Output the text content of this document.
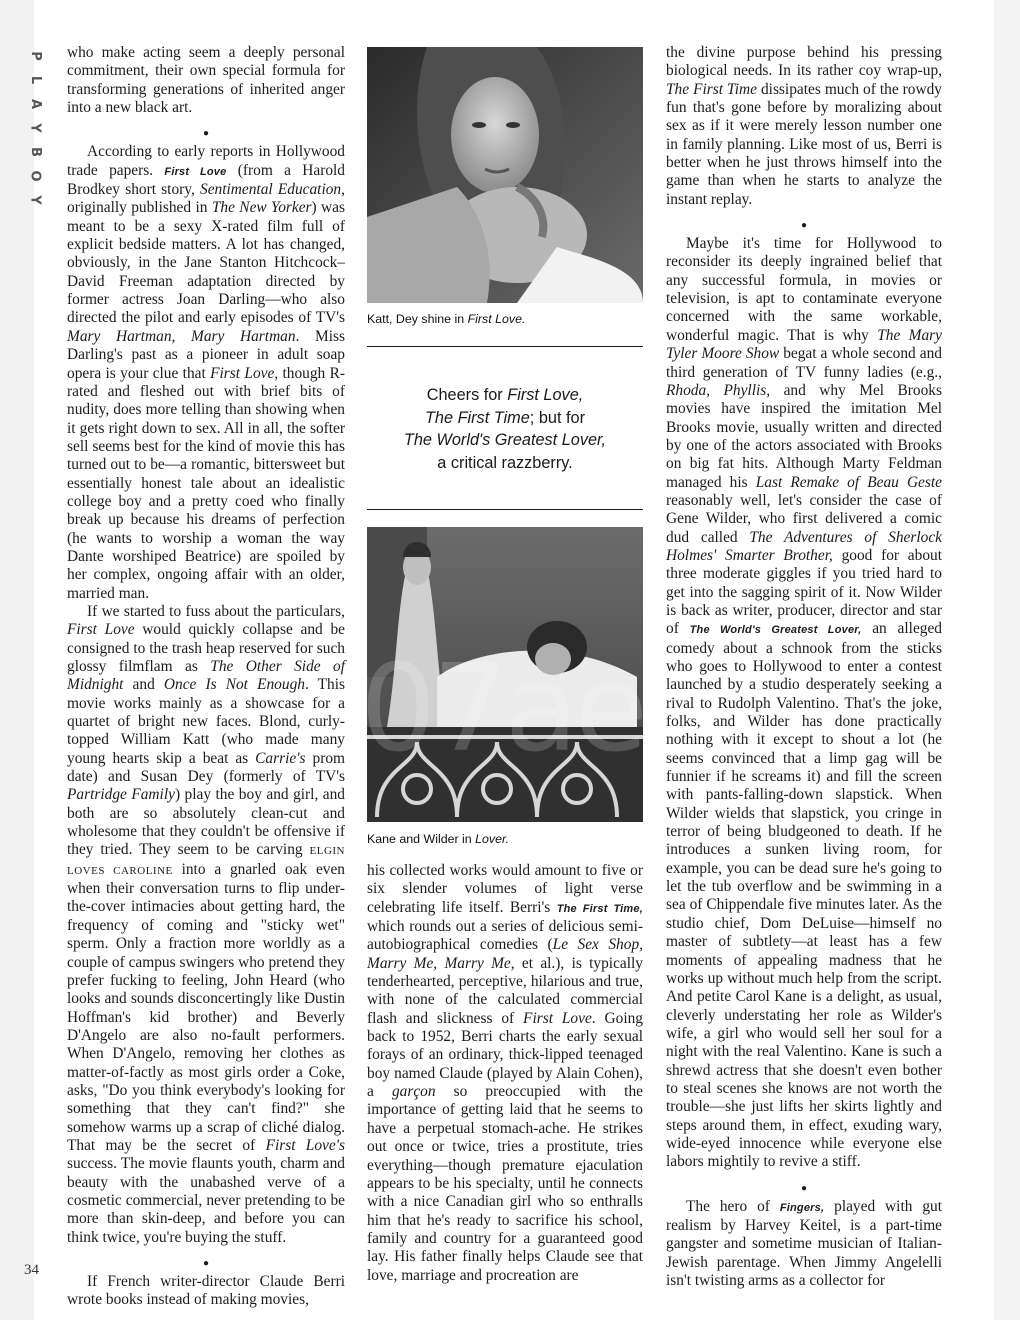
P
L
A
Y
B
O
Y
34

who make acting seem a deeply personal commitment, their own special formula for transforming generations of inherited anger into a new black art.

●

According to early reports in Hollywood trade papers. First Love (from a Harold Brodkey short story, Sentimental Education, originally published in The New Yorker) was meant to be a sexy X-rated film full of explicit bedside matters. A lot has changed, obviously, in the Jane Stanton Hitchcock–David Freeman adaptation directed by former actress Joan Darling—who also directed the pilot and early episodes of TV's Mary Hartman, Mary Hartman. Miss Darling's past as a pioneer in adult soap opera is your clue that First Love, though R-rated and fleshed out with brief bits of nudity, does more telling than showing when it gets right down to sex. All in all, the softer sell seems best for the kind of movie this has turned out to be—a romantic, bittersweet but essentially honest tale about an idealistic college boy and a pretty coed who finally break up because his dreams of perfection (he wants to worship a woman the way Dante worshiped Beatrice) are spoiled by her complex, ongoing affair with an older, married man.

If we started to fuss about the particulars, First Love would quickly collapse and be consigned to the trash heap reserved for such glossy filmflam as The Other Side of Midnight and Once Is Not Enough. This movie works mainly as a showcase for a quartet of bright new faces. Blond, curly-topped William Katt (who made many young hearts skip a beat as Carrie's prom date) and Susan Dey (formerly of TV's Partridge Family) play the boy and girl, and both are so absolutely clean-cut and wholesome that they couldn't be offensive if they tried. They seem to be carving ELGIN LOVES CAROLINE into a gnarled oak even when their conversation turns to flip under-the-cover intimacies about getting hard, the frequency of coming and "sticky wet" sperm. Only a fraction more worldly as a couple of campus swingers who pretend they prefer fucking to feeling, John Heard (who looks and sounds disconcertingly like Dustin Hoffman's kid brother) and Beverly D'Angelo are also no-fault performers. When D'Angelo, removing her clothes as matter-of-factly as most girls order a Coke, asks, "Do you think everybody's looking for something that they can't find?" she somehow warms up a scrap of cliché dialog. That may be the secret of First Love's success. The movie flaunts youth, charm and beauty with the unabashed verve of a cosmetic commercial, never pretending to be more than skin-deep, and before you can think twice, you're buying the stuff.

●

If French writer-director Claude Berri wrote books instead of making movies,

Katt, Dey shine in First Love.
Cheers for First Love,
The First Time; but for
The World's Greatest Lover,
a critical razzberry.
Kane and Wilder in Lover.

his collected works would amount to five or six slender volumes of light verse celebrating life itself. Berri's The First Time, which rounds out a series of delicious semi-autobiographical comedies (Le Sex Shop, Marry Me, Marry Me, et al.), is typically tenderhearted, perceptive, hilarious and true, with none of the calculated commercial flash and slickness of First Love. Going back to 1952, Berri charts the early sexual forays of an ordinary, thick-lipped teenaged boy named Claude (played by Alain Cohen), a garçon so preoccupied with the importance of getting laid that he seems to have a perpetual stomach-ache. He strikes out once or twice, tries a prostitute, tries everything—though premature ejaculation appears to be his specialty, until he connects with a nice Canadian girl who so enthralls him that he's ready to sacrifice his school, family and country for a guaranteed good lay. His father finally helps Claude see that love, marriage and procreation are

the divine purpose behind his pressing biological needs. In its rather coy wrap-up, The First Time dissipates much of the rowdy fun that's gone before by moralizing about sex as if it were merely lesson number one in family planning. Like most of us, Berri is better when he just throws himself into the game than when he starts to analyze the instant replay.

●

Maybe it's time for Hollywood to reconsider its deeply ingrained belief that any successful formula, in movies or television, is apt to contaminate everyone concerned with the same workable, wonderful magic. That is why The Mary Tyler Moore Show begat a whole second and third generation of TV funny ladies (e.g., Rhoda, Phyllis, and why Mel Brooks movies have inspired the imitation Mel Brooks movie, usually written and directed by one of the actors associated with Brooks on big fat hits. Although Marty Feldman managed his Last Remake of Beau Geste reasonably well, let's consider the case of Gene Wilder, who first delivered a comic dud called The Adventures of Sherlock Holmes' Smarter Brother, good for about three moderate giggles if you tried hard to get into the sagging spirit of it. Now Wilder is back as writer, producer, director and star of The World's Greatest Lover, an alleged comedy about a schnook from the sticks who goes to Hollywood to enter a contest launched by a studio desperately seeking a rival to Rudolph Valentino. That's the joke, folks, and Wilder has done practically nothing with it except to shout a lot (he seems convinced that a limp gag will be funnier if he screams it) and fill the screen with pants-falling-down slapstick. When Wilder wields that slapstick, you cringe in terror of being bludgeoned to death. If he introduces a sunken living room, for example, you can be dead sure he's going to let the tub overflow and be swimming in a sea of Chippendale five minutes later. As the studio chief, Dom DeLuise—himself no master of subtlety—at least has a few moments of appealing madness that he works up without much help from the script. And petite Carol Kane is a delight, as usual, cleverly understating her role as Wilder's wife, a girl who would sell her soul for a night with the real Valentino. Kane is such a shrewd actress that she doesn't even bother to steal scenes she knows are not worth the trouble—she just lifts her skirts lightly and steps around them, in effect, exuding wary, wide-eyed innocence while everyone else labors mightily to revive a stiff.

●

The hero of Fingers, played with gut realism by Harvey Keitel, is a part-time gangster and sometime musician of Italian-Jewish parentage. When Jimmy Angelelli isn't twisting arms as a collector for
